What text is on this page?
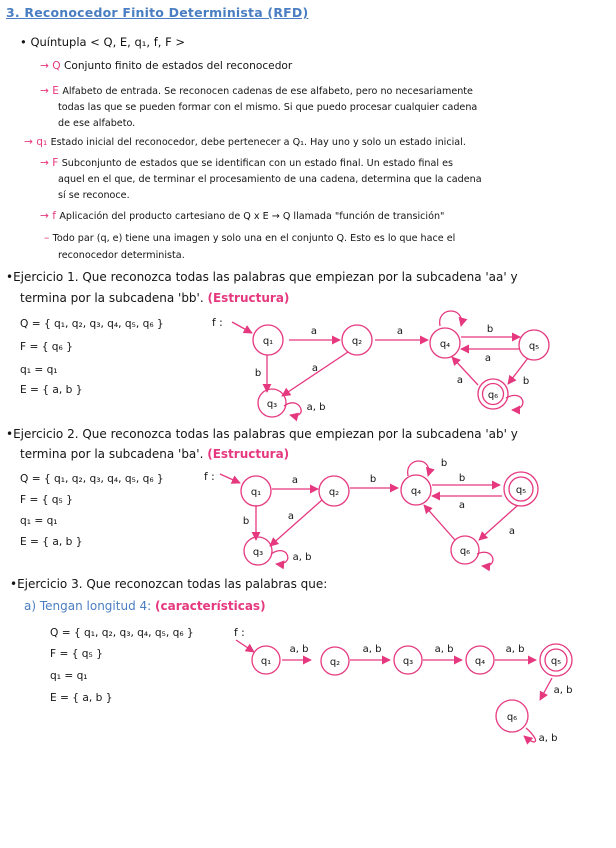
3. Reconocedor Finito Determinista (RFD)
• Quíntupla < Q, E, q₁, f, F >
→ Q Conjunto finito de estados del reconocedor
→ E Alfabeto de entrada. Se reconocen cadenas de ese alfabeto, pero no necesariamente
todas las que se pueden formar con el mismo. Si que puedo procesar cualquier cadena
de ese alfabeto.
→ q₁ Estado inicial del reconocedor, debe pertenecer a Q₁. Hay uno y solo un estado inicial.
→ F Subconjunto de estados que se identifican con un estado final. Un estado final es
aquel en el que, de terminar el procesamiento de una cadena, determina que la cadena
sí se reconoce.
→ f Aplicación del producto cartesiano de Q x E → Q llamada "función de transición"
– Todo par (q, e) tiene una imagen y solo una en el conjunto Q. Esto es lo que hace el
reconocedor determinista.
•Ejercicio 1. Que reconozca todas las palabras que empiezan por la subcadena 'aa' y
termina por la subcadena 'bb'. (Estructura)
Q = { q₁, q₂, q₃, q₄, q₅, q₆ }
F = { q₆ }
q₁ = q₁
E = { a, b }
f :
•Ejercicio 2. Que reconozca todas las palabras que empiezan por la subcadena 'ab' y
termina por la subcadena 'ba'. (Estructura)
Q = { q₁, q₂, q₃, q₄, q₅, q₆ }
F = { q₅ }
q₁ = q₁
E = { a, b }
f :
•Ejercicio 3. Que reconozcan todas las palabras que:
a) Tengan longitud 4: (características)
Q = { q₁, q₂, q₃, q₄, q₅, q₆ }
F = { q₅ }
q₁ = q₁
E = { a, b }
f :
q₁	q₂
q₃
q₄	q₅
q₆
a	a
b	a
b
b
a
a, b
a
q₁	q₂
q₃
q₄	q₅
q₆
a	b
a
b
b
b
a
a, b
a
q₁	q₂	q₃	q₄	q₅
q₆
a, b	a, b	a, b	a, b
a, b
a, b
